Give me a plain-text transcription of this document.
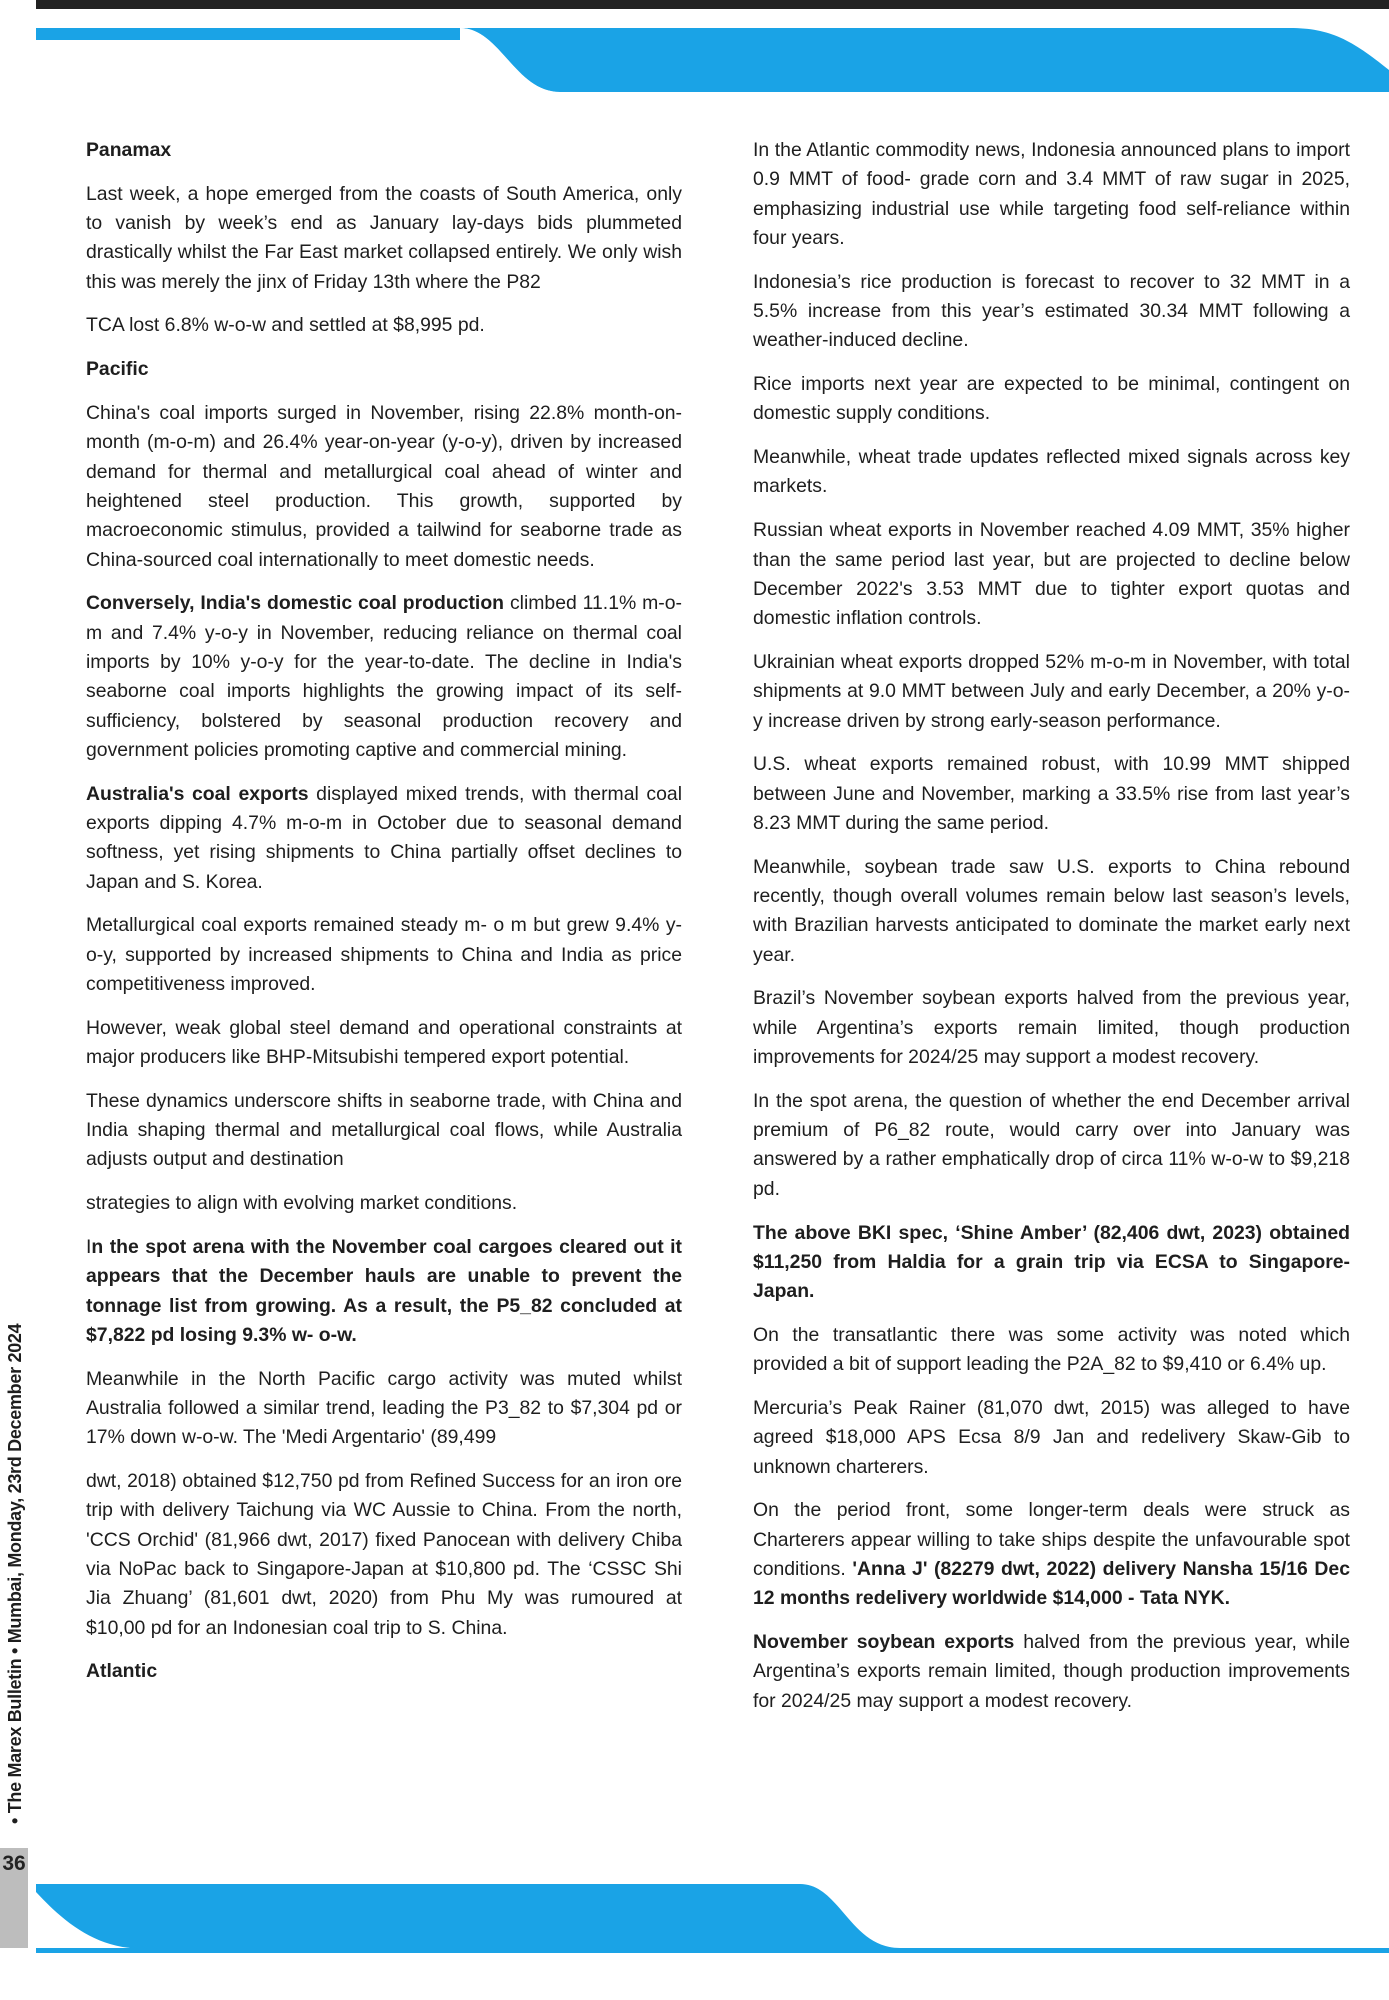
Panamax

Last week, a hope emerged from the coasts of South America, only to vanish by week’s end as January lay-days bids plummeted drastically whilst the Far East market collapsed entirely. We only wish this was merely the jinx of Friday 13th where the P82

TCA lost 6.8% w-o-w and settled at $8,995 pd.

Pacific

China's coal imports surged in November, rising 22.8% month-on-month (m-o-m) and 26.4% year-on-year (y-o-y), driven by increased demand for thermal and metallurgical coal ahead of winter and heightened steel production. This growth, supported by macroeconomic stimulus, provided a tailwind for seaborne trade as China-sourced coal internationally to meet domestic needs.

Conversely, India's domestic coal production climbed 11.1% m-o-m and 7.4% y-o-y in November, reducing reliance on thermal coal imports by 10% y-o-y for the year-to-date. The decline in India's seaborne coal imports highlights the growing impact of its self-sufficiency, bolstered by seasonal production recovery and government policies promoting captive and commercial mining.

Australia's coal exports displayed mixed trends, with thermal coal exports dipping 4.7% m-o-m in October due to seasonal demand softness, yet rising shipments to China partially offset declines to Japan and S. Korea.

Metallurgical coal exports remained steady m- o m but grew 9.4% y-o-y, supported by increased shipments to China and India as price competitiveness improved.

However, weak global steel demand and operational constraints at major producers like BHP-Mitsubishi tempered export potential.

These dynamics underscore shifts in seaborne trade, with China and India shaping thermal and metallurgical coal flows, while Australia adjusts output and destination

strategies to align with evolving market conditions.

In the spot arena with the November coal cargoes cleared out it appears that the December hauls are unable to prevent the tonnage list from growing. As a result, the P5_82 concluded at $7,822 pd losing 9.3% w- o-w.

Meanwhile in the North Pacific cargo activity was muted whilst Australia followed a similar trend, leading the P3_82 to $7,304 pd or 17% down w-o-w. The 'Medi Argentario' (89,499

dwt, 2018) obtained $12,750 pd from Refined Success for an iron ore trip with delivery Taichung via WC Aussie to China. From the north, 'CCS Orchid' (81,966 dwt, 2017) fixed Panocean with delivery Chiba via NoPac back to Singapore-Japan at $10,800 pd. The ‘CSSC Shi Jia Zhuang’ (81,601 dwt, 2020) from Phu My was rumoured at $10,00 pd for an Indonesian coal trip to S. China.

Atlantic

In the Atlantic commodity news, Indonesia announced plans to import 0.9 MMT of food- grade corn and 3.4 MMT of raw sugar in 2025, emphasizing industrial use while targeting food self-reliance within four years.

Indonesia’s rice production is forecast to recover to 32 MMT in a 5.5% increase from this year’s estimated 30.34 MMT following a weather-induced decline.

Rice imports next year are expected to be minimal, contingent on domestic supply conditions.

Meanwhile, wheat trade updates reflected mixed signals across key markets.

Russian wheat exports in November reached 4.09 MMT, 35% higher than the same period last year, but are projected to decline below December 2022's 3.53 MMT due to tighter export quotas and domestic inflation controls.

Ukrainian wheat exports dropped 52% m-o-m in November, with total shipments at 9.0 MMT between July and early December, a 20% y-o- y increase driven by strong early-season performance.

U.S. wheat exports remained robust, with 10.99 MMT shipped between June and November, marking a 33.5% rise from last year’s 8.23 MMT during the same period.

Meanwhile, soybean trade saw U.S. exports to China rebound recently, though overall volumes remain below last season’s levels, with Brazilian harvests anticipated to dominate the market early next year.

Brazil’s November soybean exports halved from the previous year, while Argentina’s exports remain limited, though production improvements for 2024/25 may support a modest recovery.

In the spot arena, the question of whether the end December arrival premium of P6_82 route, would carry over into January was answered by a rather emphatically drop of circa 11% w-o-w to $9,218 pd.

The above BKI spec, ‘Shine Amber’ (82,406 dwt, 2023) obtained $11,250 from Haldia for a grain trip via ECSA to Singapore-Japan.

On the transatlantic there was some activity was noted which provided a bit of support leading the P2A_82 to $9,410 or 6.4% up.

Mercuria’s Peak Rainer (81,070 dwt, 2015) was alleged to have agreed $18,000 APS Ecsa 8/9 Jan and redelivery Skaw-Gib to unknown charterers.

On the period front, some longer-term deals were struck as Charterers appear willing to take ships despite the unfavourable spot conditions. 'Anna J' (82279 dwt, 2022) delivery Nansha 15/16 Dec 12 months redelivery worldwide $14,000 - Tata NYK.

November soybean exports halved from the previous year, while Argentina’s exports remain limited, though production improvements for 2024/25 may support a modest recovery.

• The Marex Bulletin • Mumbai, Monday, 23rd December 2024
36
